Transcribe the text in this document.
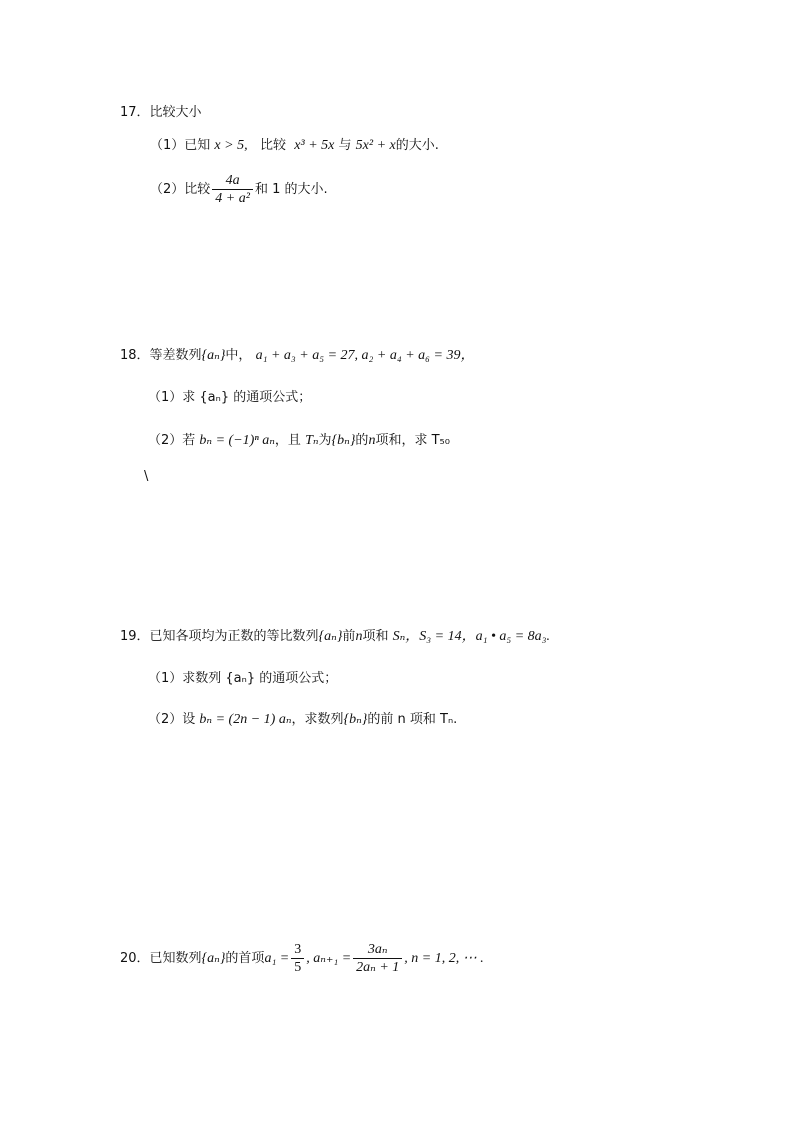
17．比较大小
（1）已知 x > 5, 比较 x³ + 5x 与 5x² + x的大小.
（2）比较 $\frac{4a}{\text{4 + a²}}$ 和 1 的大小.
18．等差数列{aₙ}中， a₁ + a₃ + a₅ = 27, a₂ + a₄ + a₆ = 39，
（1）求 {aₙ} 的通项公式；
（2）若 bₙ = (−1)ⁿ aₙ，且 Tₙ为{bₙ}的n项和，求 T₅₀
\
19．已知各项均为正数的等比数列{aₙ}前n项和 Sₙ，S₃ = 14，a₁ • a₅ = 8a₃.
（1）求数列 {aₙ} 的通项公式；
（2）设 bₙ = (2n − 1) aₙ，求数列{bₙ}的前 n 项和 Tₙ.
20．已知数列{aₙ}的首项$a_1 = \frac{3}{5}$ , $a_{n+1} = \frac{\text{3aₙ}}{\text{2aₙ + 1}}$ , n = 1, 2, ⋯ .
